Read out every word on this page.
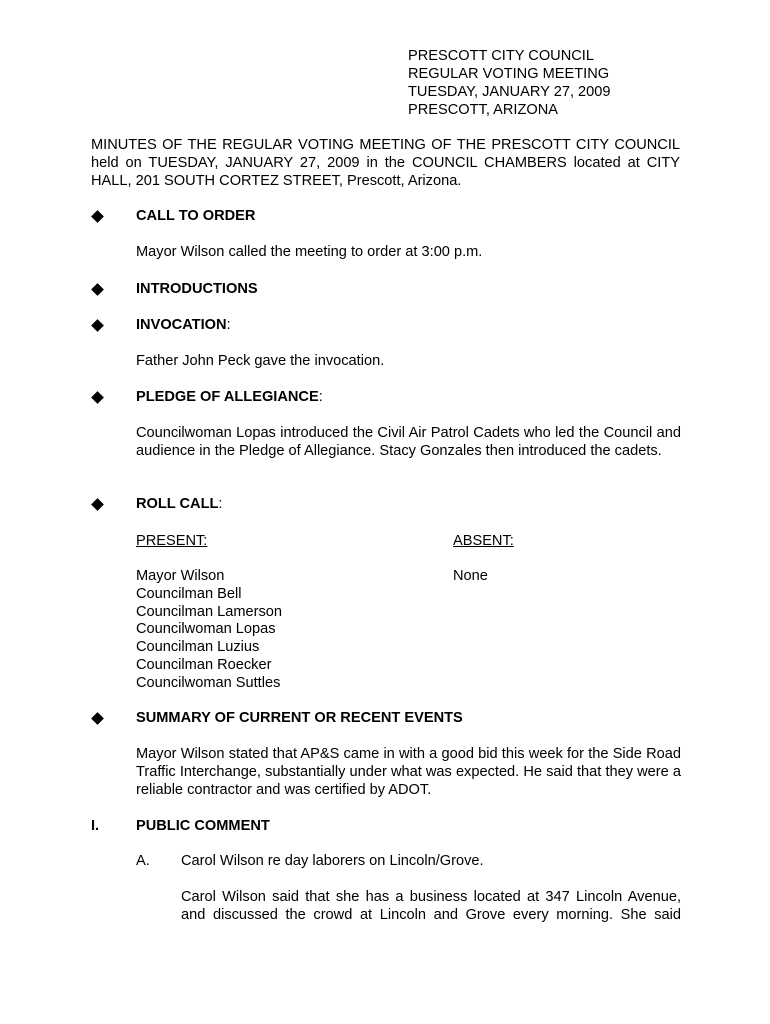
PRESCOTT CITY COUNCIL
REGULAR VOTING MEETING
TUESDAY, JANUARY 27, 2009
PRESCOTT, ARIZONA
MINUTES OF THE REGULAR VOTING MEETING OF THE PRESCOTT CITY COUNCIL held on TUESDAY, JANUARY 27, 2009 in the COUNCIL CHAMBERS located at CITY HALL, 201 SOUTH CORTEZ STREET, Prescott, Arizona.
CALL TO ORDER
Mayor Wilson called the meeting to order at 3:00 p.m.
INTRODUCTIONS
INVOCATION:
Father John Peck gave the invocation.
PLEDGE OF ALLEGIANCE:
Councilwoman Lopas introduced the Civil Air Patrol Cadets who led the Council and audience in the Pledge of Allegiance. Stacy Gonzales then introduced the cadets.
ROLL CALL:
PRESENT:	ABSENT:
Mayor Wilson
Councilman Bell
Councilman Lamerson
Councilwoman Lopas
Councilman Luzius
Councilman Roecker
Councilwoman Suttles
None
SUMMARY OF CURRENT OR RECENT EVENTS
Mayor Wilson stated that AP&S came in with a good bid this week for the Side Road Traffic Interchange, substantially under what was expected. He said that they were a reliable contractor and was certified by ADOT.
I.	PUBLIC COMMENT
A. Carol Wilson re day laborers on Lincoln/Grove.
Carol Wilson said that she has a business located at 347 Lincoln Avenue, and discussed the crowd at Lincoln and Grove every morning. She said
